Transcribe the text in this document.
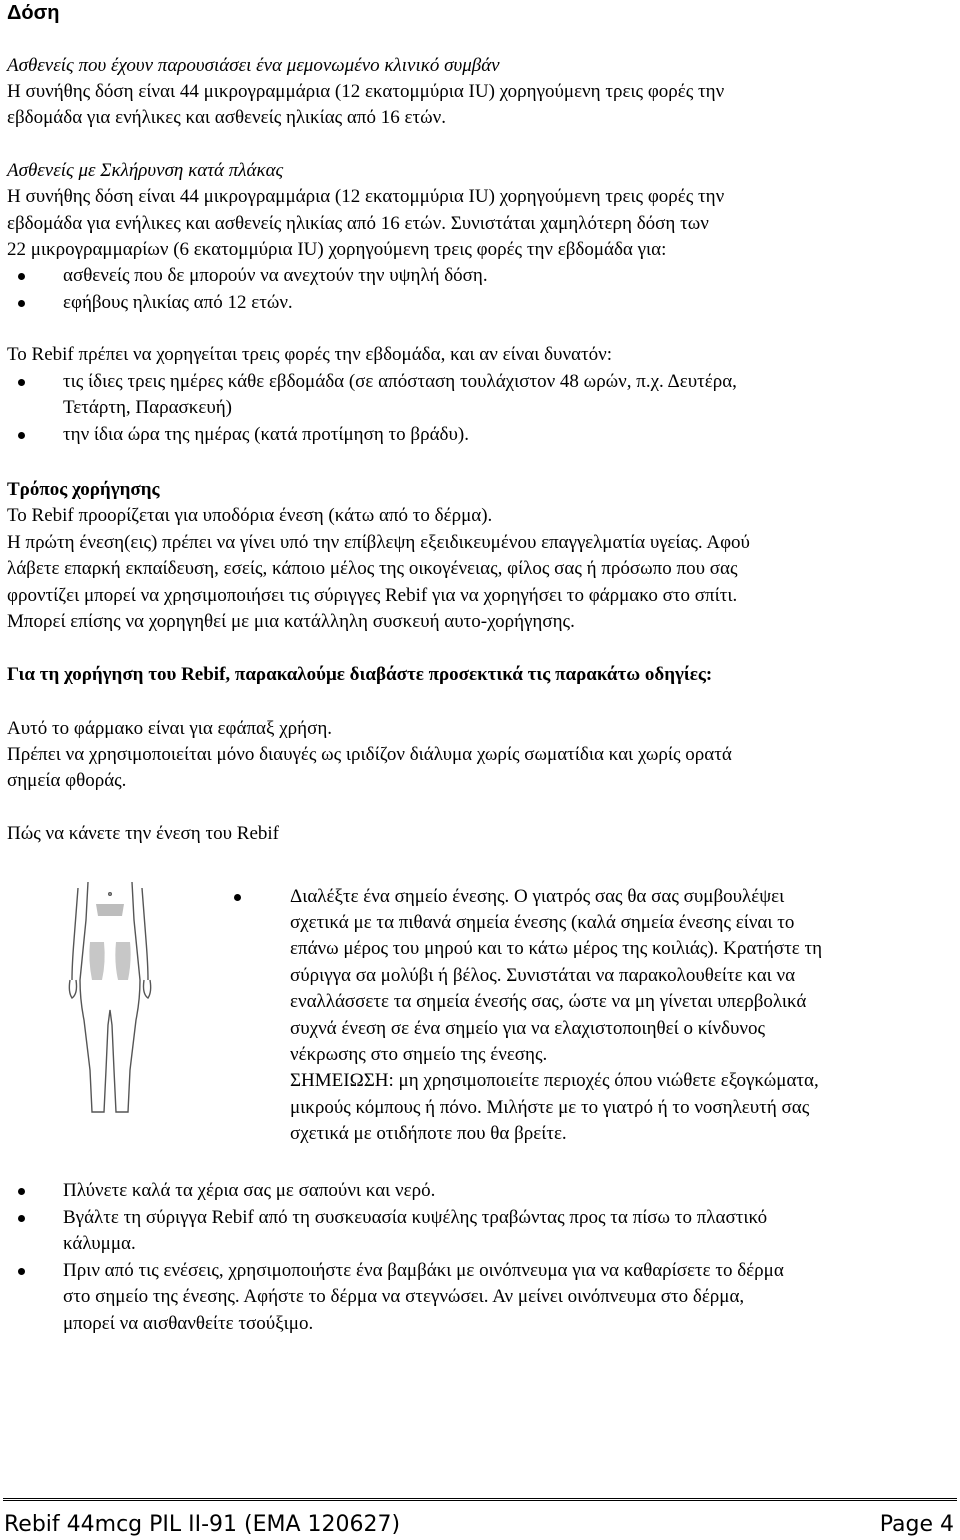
Δόση
Ασθενείς που έχουν παρουσιάσει ένα μεμονωμένο κλινικό συμβάν
Η συνήθης δόση είναι 44 μικρογραμμάρια (12 εκατομμύρια IU) χορηγούμενη τρεις φορές την
εβδομάδα για ενήλικες και ασθενείς ηλικίας από 16 ετών.
Ασθενείς με Σκλήρυνση κατά πλάκας
Η συνήθης δόση είναι 44 μικρογραμμάρια (12 εκατομμύρια IU) χορηγούμενη τρεις φορές την
εβδομάδα για ενήλικες και ασθενείς ηλικίας από 16 ετών. Συνιστάται χαμηλότερη δόση των
22 μικρογραμμαρίων (6 εκατομμύρια IU) χορηγούμενη τρεις φορές την εβδομάδα για:
ασθενείς που δε μπορούν να ανεχτούν την υψηλή δόση.
εφήβους ηλικίας από 12 ετών.
Το Rebif πρέπει να χορηγείται τρεις φορές την εβδομάδα, και αν είναι δυνατόν:
τις ίδιες τρεις ημέρες κάθε εβδομάδα (σε απόσταση τουλάχιστον 48 ωρών, π.χ. Δευτέρα,
Τετάρτη, Παρασκευή)
την ίδια ώρα της ημέρας (κατά προτίμηση το βράδυ).
Τρόπος χορήγησης
Το Rebif προορίζεται για υποδόρια ένεση (κάτω από το δέρμα).
Η πρώτη ένεση(εις) πρέπει να γίνει υπό την επίβλεψη εξειδικευμένου επαγγελματία υγείας. Αφού
λάβετε επαρκή εκπαίδευση, εσείς, κάποιο μέλος της οικογένειας, φίλος σας ή πρόσωπο που σας
φροντίζει μπορεί να χρησιμοποιήσει τις σύριγγες Rebif για να χορηγήσει το φάρμακο στο σπίτι.
Μπορεί επίσης να χορηγηθεί με μια κατάλληλη συσκευή αυτο-χορήγησης.
Για τη χορήγηση του Rebif, παρακαλούμε διαβάστε προσεκτικά τις παρακάτω οδηγίες:
Αυτό το φάρμακο είναι για εφάπαξ χρήση.
Πρέπει να χρησιμοποιείται μόνο διαυγές ως ιριδίζον διάλυμα χωρίς σωματίδια και χωρίς ορατά
σημεία φθοράς.
Πώς να κάνετε την ένεση του Rebif
Διαλέξτε ένα σημείο ένεσης. Ο γιατρός σας θα σας συμβουλέψει
σχετικά με τα πιθανά σημεία ένεσης (καλά σημεία ένεσης είναι το
επάνω μέρος του μηρού και το κάτω μέρος της κοιλιάς). Κρατήστε τη
σύριγγα σα μολύβι ή βέλος. Συνιστάται να παρακολουθείτε και να
εναλλάσσετε τα σημεία ένεσής σας, ώστε να μη γίνεται υπερβολικά
συχνά ένεση σε ένα σημείο για να ελαχιστοποιηθεί ο κίνδυνος
νέκρωσης στο σημείο της ένεσης.
ΣΗΜΕΙΩΣΗ: μη χρησιμοποιείτε περιοχές όπου νιώθετε εξογκώματα,
μικρούς κόμπους ή πόνο. Μιλήστε με το γιατρό ή το νοσηλευτή σας
σχετικά με οτιδήποτε που θα βρείτε.
Πλύνετε καλά τα χέρια σας με σαπούνι και νερό.
Βγάλτε τη σύριγγα Rebif από τη συσκευασία κυψέλης τραβώντας προς τα πίσω το πλαστικό
κάλυμμα.
Πριν από τις ενέσεις, χρησιμοποιήστε ένα βαμβάκι με οινόπνευμα για να καθαρίσετε το δέρμα
στο σημείο της ένεσης. Αφήστε το δέρμα να στεγνώσει. Αν μείνει οινόπνευμα στο δέρμα,
μπορεί να αισθανθείτε τσούξιμο.
Rebif 44mcg PIL II-91 (EMA 120627)	Page 4
